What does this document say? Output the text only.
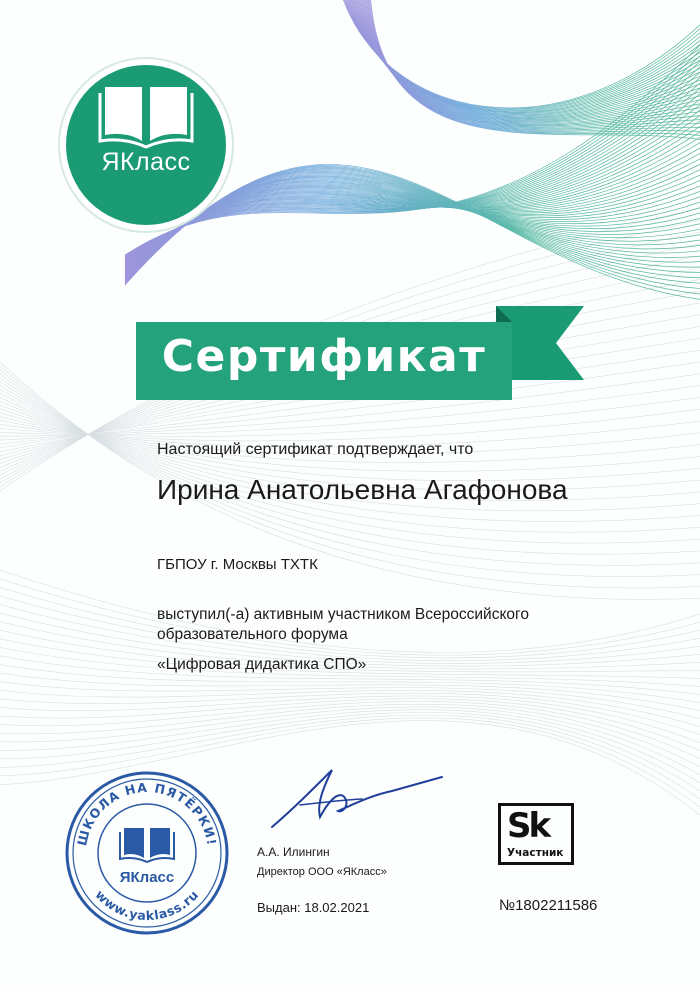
ЯКласс
Сертификат
Настоящий сертификат подтверждает, что
Ирина Анатольевна Агафонова
ГБПОУ г. Москвы ТХТК
выступил(-а) активным участником Всероссийского образовательного форума
«Цифровая дидактика СПО»
ШКОЛА НА ПЯТЁРКИ!
www.yaklass.ru
ЯКласс
А.А. Илингин
Директор ООО «ЯКласс»
Выдан: 18.02.2021
Sk
Участник
№1802211586
